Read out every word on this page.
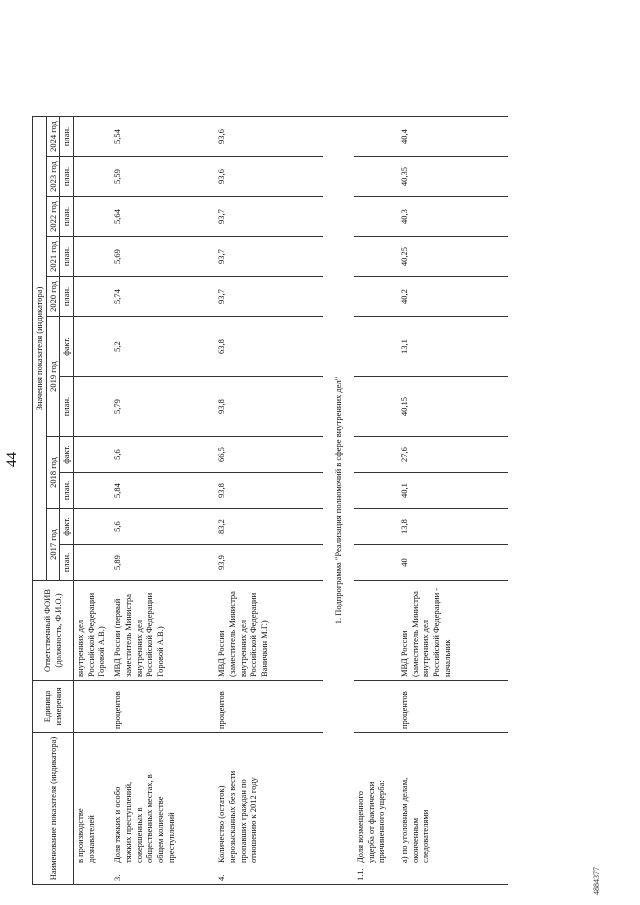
44
Наименование показателя (индикатора)	Единица измерения	Ответственный ФОИВ (должность, Ф.И.О.)	Значения показателя (индикатора)										
			2017 год		2018 год		2019 год		2020 год	2021 год	2022 год	2023 год	2024 год
			план.	факт.	план.	факт.	план.	факт.	план.	план.	план.	план.	план.
в производстве дознавателей		внутренних дел Российской Федерации Горовой А.В.)											
3.Доля тяжких и особо тяжких преступлений, совершенных в общественных местах, в общем количестве преступлений	процентов	МВД России (первый заместитель Министра внутренних дел Российской Федерации Горовой А.В.)	5,89	5,6	5,84	5,6	5,79	5,2	5,74	5,69	5,64	5,59	5,54
4.Количество (остаток) нерозысканных без вести пропавших граждан по отношению к 2012 году	процентов	МВД России (заместитель Министра внутренних дел Российской Федерации Ваничкин М.Г.)	93,9	83,2	93,8	66,5	93,8	63,8	93,7	93,7	93,7	93,6	93,6
1. Подпрограмма "Реализация полномочий в сфере внутренних дел"													
1.1.Доля возмещенного ущерба от фактически причиненного ущерба:													
а) по уголовным делам, оконченным следователями	процентов	МВД России (заместитель Министра внутренних дел Российской Федерации - начальник	40	13,8	40,1	27,6	40,15	13,1	40,2	40,25	40,3	40,35	40,4
4884377
